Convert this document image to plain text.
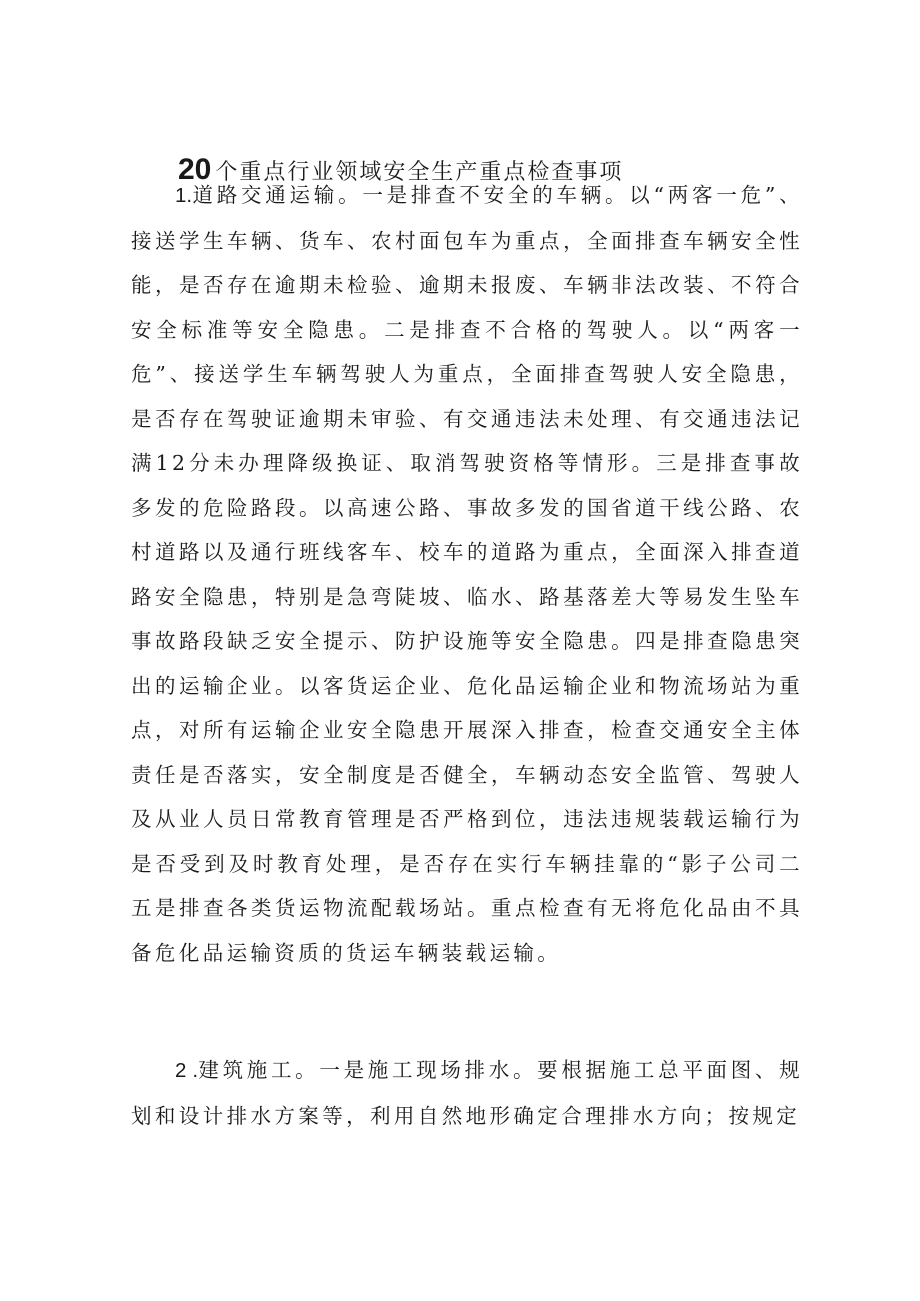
20 个重点行业领域安全生产重点检查事项

1.道路交通运输。一是排查不安全的车辆。以“两客一危”、接送学生车辆、货车、农村面包车为重点，全面排查车辆安全性能，是否存在逾期未检验、逾期未报废、车辆非法改装、不符合安全标准等安全隐患。二是排查不合格的驾驶人。以“两客一危”、接送学生车辆驾驶人为重点，全面排查驾驶人安全隐患，是否存在驾驶证逾期未审验、有交通违法未处理、有交通违法记满12分未办理降级换证、取消驾驶资格等情形。三是排查事故多发的危险路段。以高速公路、事故多发的国省道干线公路、农村道路以及通行班线客车、校车的道路为重点，全面深入排查道路安全隐患，特别是急弯陡坡、临水、路基落差大等易发生坠车事故路段缺乏安全提示、防护设施等安全隐患。四是排查隐患突出的运输企业。以客货运企业、危化品运输企业和物流场站为重点，对所有运输企业安全隐患开展深入排查，检查交通安全主体责任是否落实，安全制度是否健全，车辆动态安全监管、驾驶人及从业人员日常教育管理是否严格到位，违法违规装载运输行为是否受到及时教育处理，是否存在实行车辆挂靠的“影子公司二五是排查各类货运物流配载场站。重点检查有无将危化品由不具备危化品运输资质的货运车辆装载运输。

2 .建筑施工。一是施工现场排水。要根据施工总平面图、规划和设计排水方案等，利用自然地形确定合理排水方向；按规定
